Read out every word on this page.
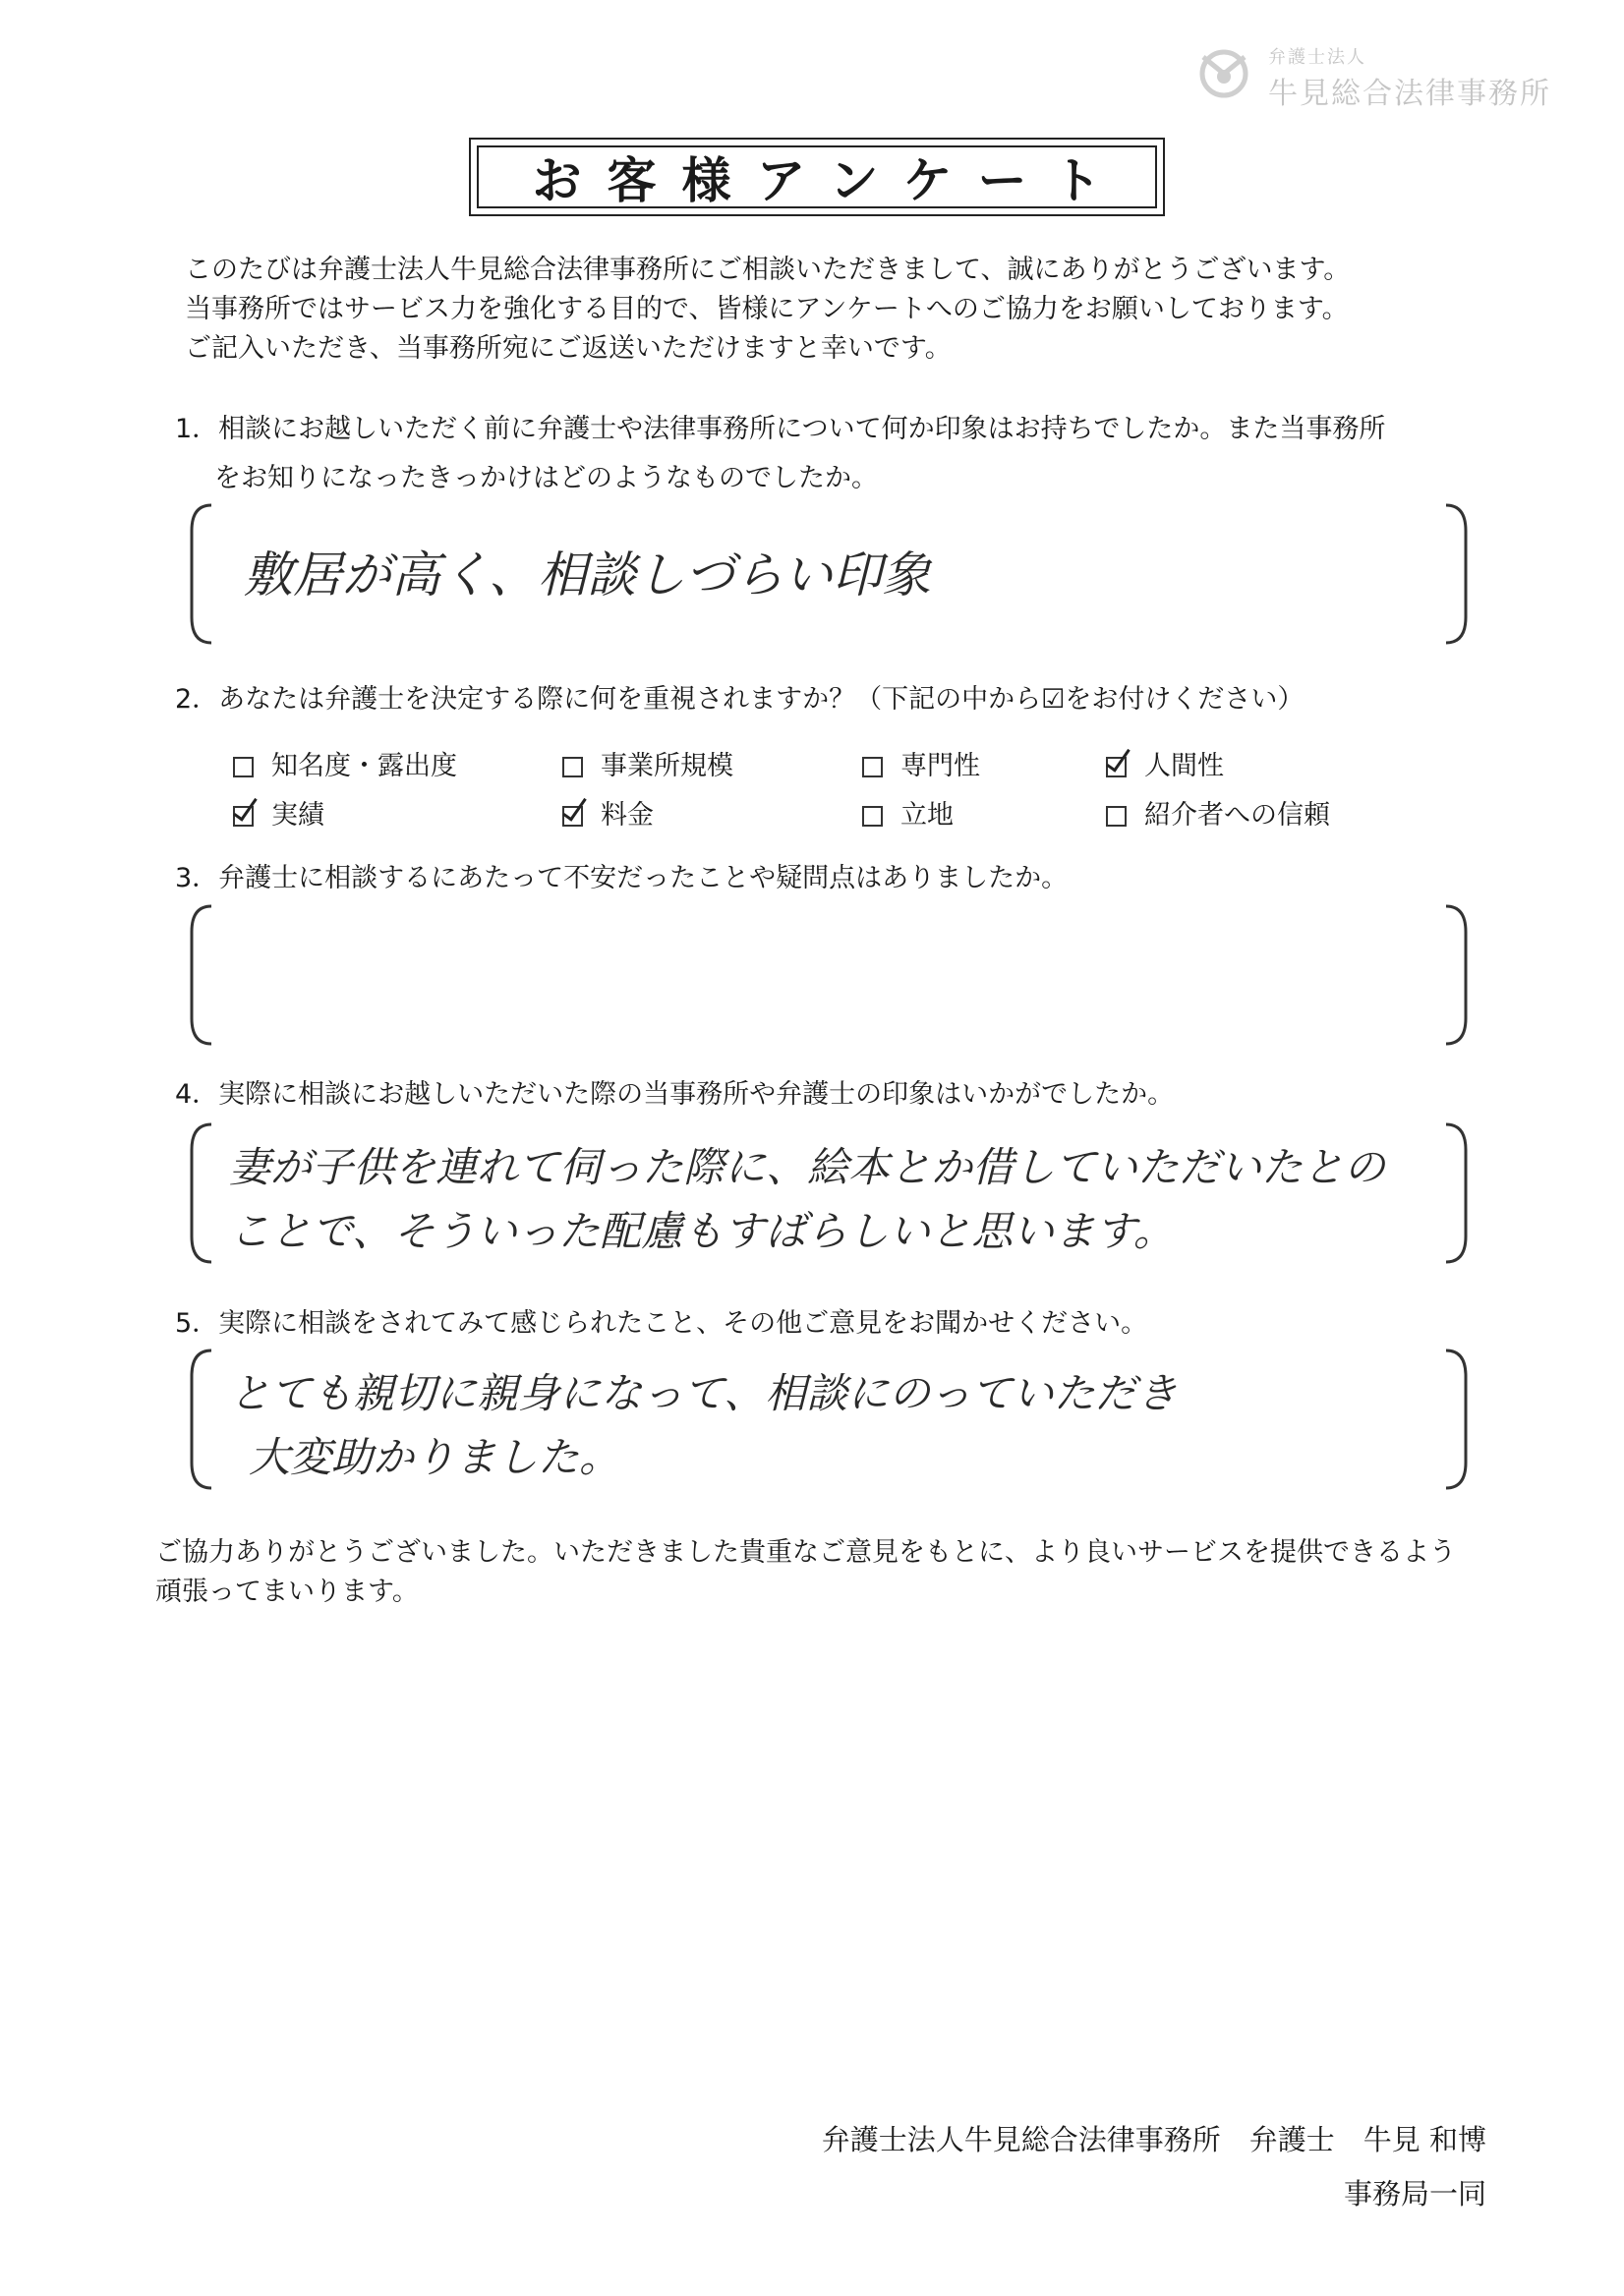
弁護士法人
牛見総合法律事務所
お客様アンケート
このたびは弁護士法人牛見総合法律事務所にご相談いただきまして、誠にありがとうございます。
当事務所ではサービス力を強化する目的で、皆様にアンケートへのご協力をお願いしております。
ご記入いただき、当事務所宛にご返送いただけますと幸いです。
1．相談にお越しいただく前に弁護士や法律事務所について何か印象はお持ちでしたか。また当事務所
をお知りになったきっかけはどのようなものでしたか。
敷居が高く、相談しづらい印象
2．あなたは弁護士を決定する際に何を重視されますか？（下記の中から☑をお付けください）
知名度・露出度	事業所規模	専門性	人間性
実績	料金	立地	紹介者への信頼
3．弁護士に相談するにあたって不安だったことや疑問点はありましたか。
4．実際に相談にお越しいただいた際の当事務所や弁護士の印象はいかがでしたか。
妻が子供を連れて伺った際に、絵本とか借していただいたとの
ことで、そういった配慮もすばらしいと思います。
5．実際に相談をされてみて感じられたこと、その他ご意見をお聞かせください。
とても親切に親身になって、相談にのっていただき
大変助かりました。
ご協力ありがとうございました。いただきました貴重なご意見をもとに、より良いサービスを提供できるよう
頑張ってまいります。
弁護士法人牛見総合法律事務所　弁護士　牛見 和博
事務局一同
